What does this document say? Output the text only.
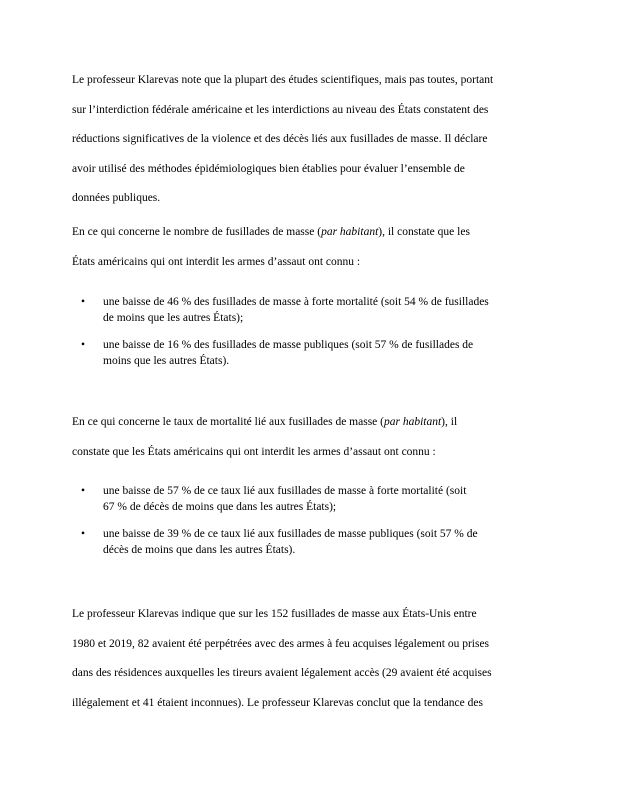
Le professeur Klarevas note que la plupart des études scientifiques, mais pas toutes, portant
sur l’interdiction fédérale américaine et les interdictions au niveau des États constatent des
réductions significatives de la violence et des décès liés aux fusillades de masse. Il déclare
avoir utilisé des méthodes épidémiologiques bien établies pour évaluer l’ensemble de
données publiques.
En ce qui concerne le nombre de fusillades de masse (par habitant), il constate que les
États américains qui ont interdit les armes d’assaut ont connu :
•	une baisse de 46 % des fusillades de masse à forte mortalité (soit 54 % de fusillades
de moins que les autres États);
•	une baisse de 16 % des fusillades de masse publiques (soit 57 % de fusillades de
moins que les autres États).
En ce qui concerne le taux de mortalité lié aux fusillades de masse (par habitant), il
constate que les États américains qui ont interdit les armes d’assaut ont connu :
•	une baisse de 57 % de ce taux lié aux fusillades de masse à forte mortalité (soit
67 % de décès de moins que dans les autres États);
•	une baisse de 39 % de ce taux lié aux fusillades de masse publiques (soit 57 % de
décès de moins que dans les autres États).
Le professeur Klarevas indique que sur les 152 fusillades de masse aux États-Unis entre
1980 et 2019, 82 avaient été perpétrées avec des armes à feu acquises légalement ou prises
dans des résidences auxquelles les tireurs avaient légalement accès (29 avaient été acquises
illégalement et 41 étaient inconnues). Le professeur Klarevas conclut que la tendance des
